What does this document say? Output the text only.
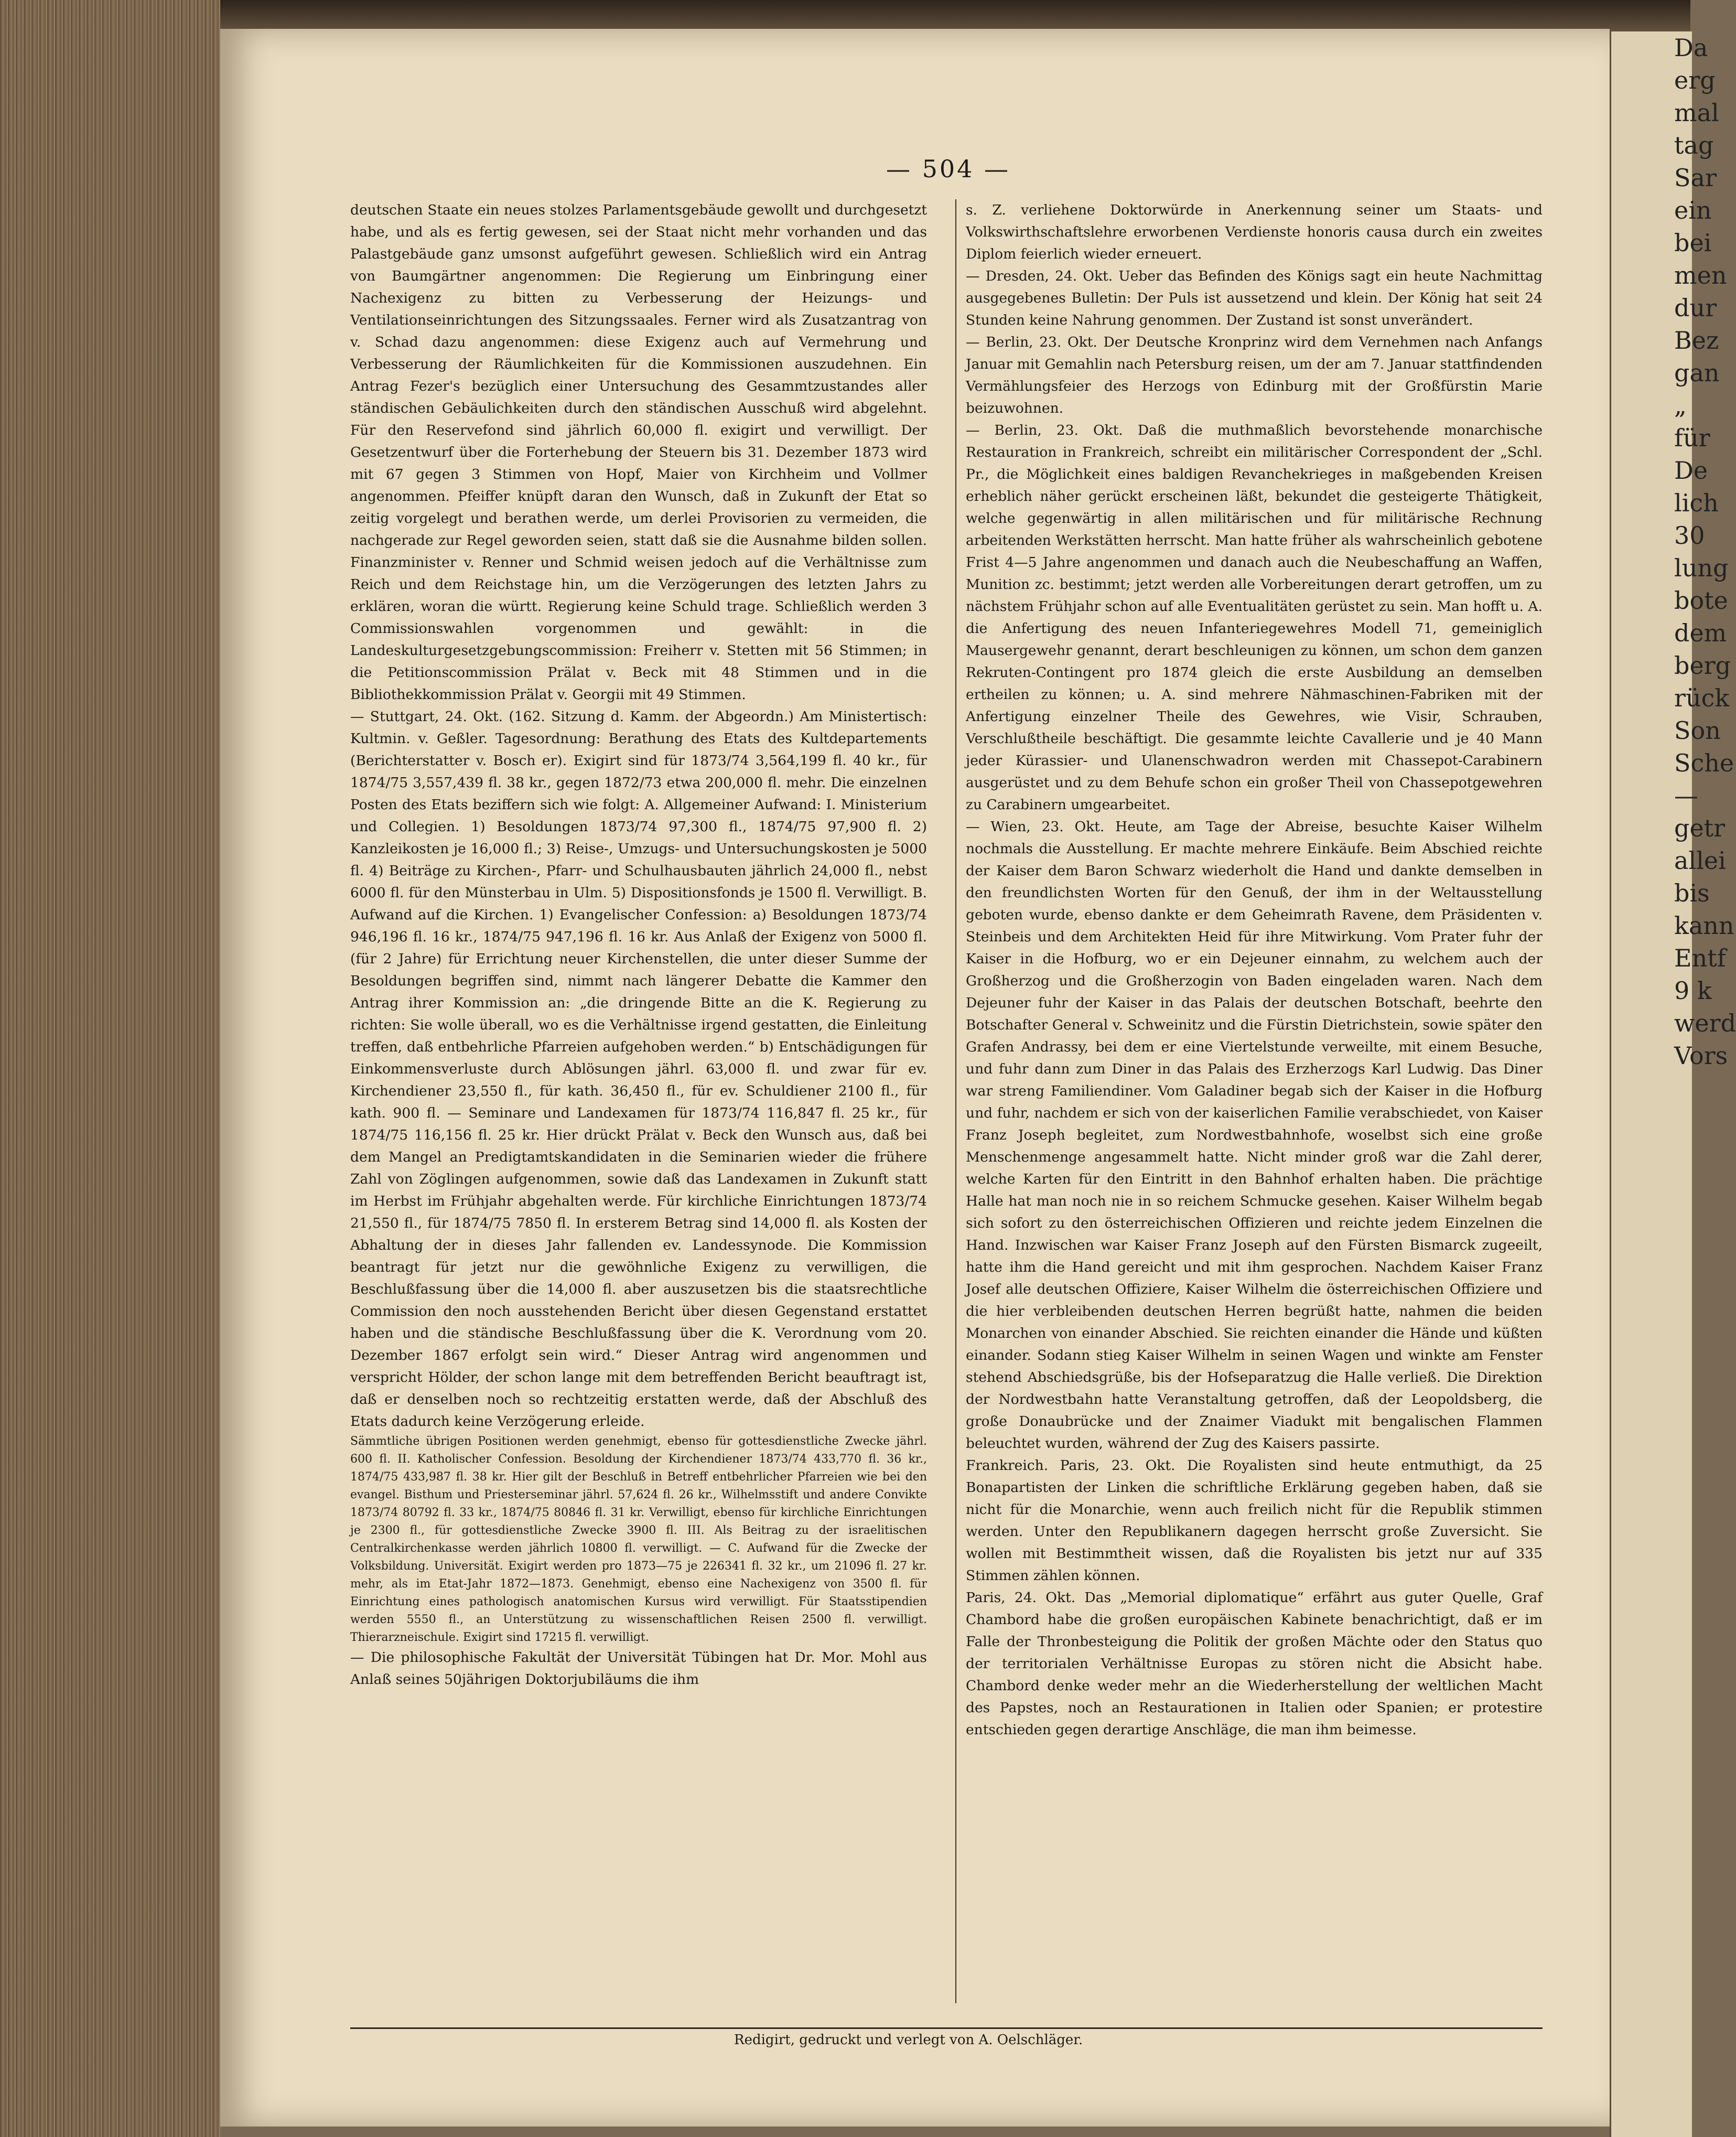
— 504 —

deutschen Staate ein neues stolzes Parlamentsgebäude gewollt und durchgesetzt habe, und als es fertig gewesen, sei der Staat nicht mehr vorhanden und das Palastgebäude ganz umsonst aufgeführt gewesen. Schließlich wird ein Antrag von Baumgärtner angenommen: Die Regierung um Einbringung einer Nachexigenz zu bitten zu Verbesserung der Heizungs- und Ventilationseinrichtungen des Sitzungssaales. Ferner wird als Zusatzantrag von v. Schad dazu angenommen: diese Exigenz auch auf Vermehrung und Verbesserung der Räumlichkeiten für die Kommissionen auszudehnen. Ein Antrag Fezer's bezüglich einer Untersuchung des Gesammtzustandes aller ständischen Gebäulichkeiten durch den ständischen Ausschuß wird abgelehnt. Für den Reservefond sind jährlich 60,000 fl. exigirt und verwilligt. Der Gesetzentwurf über die Forterhebung der Steuern bis 31. Dezember 1873 wird mit 67 gegen 3 Stimmen von Hopf, Maier von Kirchheim und Vollmer angenommen. Pfeiffer knüpft daran den Wunsch, daß in Zukunft der Etat so zeitig vorgelegt und berathen werde, um derlei Provisorien zu vermeiden, die nachgerade zur Regel geworden seien, statt daß sie die Ausnahme bilden sollen. Finanzminister v. Renner und Schmid weisen jedoch auf die Verhältnisse zum Reich und dem Reichstage hin, um die Verzögerungen des letzten Jahrs zu erklären, woran die württ. Regierung keine Schuld trage. Schließlich werden 3 Commissionswahlen vorgenommen und gewählt: in die Landeskulturgesetzgebungscommission: Freiherr v. Stetten mit 56 Stimmen; in die Petitionscommission Prälat v. Beck mit 48 Stimmen und in die Bibliothekkommission Prälat v. Georgii mit 49 Stimmen.

— Stuttgart, 24. Okt. (162. Sitzung d. Kamm. der Abgeordn.) Am Ministertisch: Kultmin. v. Geßler. Tagesordnung: Berathung des Etats des Kultdepartements (Berichterstatter v. Bosch er). Exigirt sind für 1873/74 3,564,199 fl. 40 kr., für 1874/75 3,557,439 fl. 38 kr., gegen 1872/73 etwa 200,000 fl. mehr. Die einzelnen Posten des Etats beziffern sich wie folgt: A. Allgemeiner Aufwand: I. Ministerium und Collegien. 1) Besoldungen 1873/74 97,300 fl., 1874/75 97,900 fl. 2) Kanzleikosten je 16,000 fl.; 3) Reise-, Umzugs- und Untersuchungskosten je 5000 fl. 4) Beiträge zu Kirchen-, Pfarr- und Schulhausbauten jährlich 24,000 fl., nebst 6000 fl. für den Münsterbau in Ulm. 5) Dispositionsfonds je 1500 fl. Verwilligt. B. Aufwand auf die Kirchen. 1) Evangelischer Confession: a) Besoldungen 1873/74 946,196 fl. 16 kr., 1874/75 947,196 fl. 16 kr. Aus Anlaß der Exigenz von 5000 fl. (für 2 Jahre) für Errichtung neuer Kirchenstellen, die unter dieser Summe der Besoldungen begriffen sind, nimmt nach längerer Debatte die Kammer den Antrag ihrer Kommission an: „die dringende Bitte an die K. Regierung zu richten: Sie wolle überall, wo es die Verhältnisse irgend gestatten, die Einleitung treffen, daß entbehrliche Pfarreien aufgehoben werden.“ b) Entschädigungen für Einkommensverluste durch Ablösungen jährl. 63,000 fl. und zwar für ev. Kirchendiener 23,550 fl., für kath. 36,450 fl., für ev. Schuldiener 2100 fl., für kath. 900 fl. — Seminare und Landexamen für 1873/74 116,847 fl. 25 kr., für 1874/75 116,156 fl. 25 kr. Hier drückt Prälat v. Beck den Wunsch aus, daß bei dem Mangel an Predigtamtskandidaten in die Seminarien wieder die frühere Zahl von Zöglingen aufgenommen, sowie daß das Landexamen in Zukunft statt im Herbst im Frühjahr abgehalten werde. Für kirchliche Einrichtungen 1873/74 21,550 fl., für 1874/75 7850 fl. In ersterem Betrag sind 14,000 fl. als Kosten der Abhaltung der in dieses Jahr fallenden ev. Landessynode. Die Kommission beantragt für jetzt nur die gewöhnliche Exigenz zu verwilligen, die Beschlußfassung über die 14,000 fl. aber auszusetzen bis die staatsrechtliche Commission den noch ausstehenden Bericht über diesen Gegenstand erstattet haben und die ständische Beschlußfassung über die K. Verordnung vom 20. Dezember 1867 erfolgt sein wird.“ Dieser Antrag wird angenommen und verspricht Hölder, der schon lange mit dem betreffenden Bericht beauftragt ist, daß er denselben noch so rechtzeitig erstatten werde, daß der Abschluß des Etats dadurch keine Verzögerung erleide.

Sämmtliche übrigen Positionen werden genehmigt, ebenso für gottesdienstliche Zwecke jährl. 600 fl. II. Katholischer Confession. Besoldung der Kirchendiener 1873/74 433,770 fl. 36 kr., 1874/75 433,987 fl. 38 kr. Hier gilt der Beschluß in Betreff entbehrlicher Pfarreien wie bei den evangel. Bisthum und Priesterseminar jährl. 57,624 fl. 26 kr., Wilhelmsstift und andere Convikte 1873/74 80792 fl. 33 kr., 1874/75 80846 fl. 31 kr. Verwilligt, ebenso für kirchliche Einrichtungen je 2300 fl., für gottesdienstliche Zwecke 3900 fl. III. Als Beitrag zu der israelitischen Centralkirchenkasse werden jährlich 10800 fl. verwilligt. — C. Aufwand für die Zwecke der Volksbildung. Universität. Exigirt werden pro 1873—75 je 226341 fl. 32 kr., um 21096 fl. 27 kr. mehr, als im Etat-Jahr 1872—1873. Genehmigt, ebenso eine Nachexigenz von 3500 fl. für Einrichtung eines pathologisch anatomischen Kursus wird verwilligt. Für Staatsstipendien werden 5550 fl., an Unterstützung zu wissenschaftlichen Reisen 2500 fl. verwilligt. Thierarzneischule. Exigirt sind 17215 fl. verwilligt.

— Die philosophische Fakultät der Universität Tübingen hat Dr. Mor. Mohl aus Anlaß seines 50jährigen Doktorjubiläums die ihm

s. Z. verliehene Doktorwürde in Anerkennung seiner um Staats- und Volkswirthschaftslehre erworbenen Verdienste honoris causa durch ein zweites Diplom feierlich wieder erneuert.

— Dresden, 24. Okt. Ueber das Befinden des Königs sagt ein heute Nachmittag ausgegebenes Bulletin: Der Puls ist aussetzend und klein. Der König hat seit 24 Stunden keine Nahrung genommen. Der Zustand ist sonst unverändert.

— Berlin, 23. Okt. Der Deutsche Kronprinz wird dem Vernehmen nach Anfangs Januar mit Gemahlin nach Petersburg reisen, um der am 7. Januar stattfindenden Vermählungsfeier des Herzogs von Edinburg mit der Großfürstin Marie beizuwohnen.

— Berlin, 23. Okt. Daß die muthmaßlich bevorstehende monarchische Restauration in Frankreich, schreibt ein militärischer Correspondent der „Schl. Pr., die Möglichkeit eines baldigen Revanchekrieges in maßgebenden Kreisen erheblich näher gerückt erscheinen läßt, bekundet die gesteigerte Thätigkeit, welche gegenwärtig in allen militärischen und für militärische Rechnung arbeitenden Werkstätten herrscht. Man hatte früher als wahrscheinlich gebotene Frist 4—5 Jahre angenommen und danach auch die Neubeschaffung an Waffen, Munition zc. bestimmt; jetzt werden alle Vorbereitungen derart getroffen, um zu nächstem Frühjahr schon auf alle Eventualitäten gerüstet zu sein. Man hofft u. A. die Anfertigung des neuen Infanteriegewehres Modell 71, gemeiniglich Mausergewehr genannt, derart beschleunigen zu können, um schon dem ganzen Rekruten-Contingent pro 1874 gleich die erste Ausbildung an demselben ertheilen zu können; u. A. sind mehrere Nähmaschinen-Fabriken mit der Anfertigung einzelner Theile des Gewehres, wie Visir, Schrauben, Verschlußtheile beschäftigt. Die gesammte leichte Cavallerie und je 40 Mann jeder Kürassier- und Ulanenschwadron werden mit Chassepot-Carabinern ausgerüstet und zu dem Behufe schon ein großer Theil von Chassepotgewehren zu Carabinern umgearbeitet.

— Wien, 23. Okt. Heute, am Tage der Abreise, besuchte Kaiser Wilhelm nochmals die Ausstellung. Er machte mehrere Einkäufe. Beim Abschied reichte der Kaiser dem Baron Schwarz wiederholt die Hand und dankte demselben in den freundlichsten Worten für den Genuß, der ihm in der Weltausstellung geboten wurde, ebenso dankte er dem Geheimrath Ravene, dem Präsidenten v. Steinbeis und dem Architekten Heid für ihre Mitwirkung. Vom Prater fuhr der Kaiser in die Hofburg, wo er ein Dejeuner einnahm, zu welchem auch der Großherzog und die Großherzogin von Baden eingeladen waren. Nach dem Dejeuner fuhr der Kaiser in das Palais der deutschen Botschaft, beehrte den Botschafter General v. Schweinitz und die Fürstin Dietrichstein, sowie später den Grafen Andrassy, bei dem er eine Viertelstunde verweilte, mit einem Besuche, und fuhr dann zum Diner in das Palais des Erzherzogs Karl Ludwig. Das Diner war streng Familiendiner. Vom Galadiner begab sich der Kaiser in die Hofburg und fuhr, nachdem er sich von der kaiserlichen Familie verabschiedet, von Kaiser Franz Joseph begleitet, zum Nordwestbahnhofe, woselbst sich eine große Menschenmenge angesammelt hatte. Nicht minder groß war die Zahl derer, welche Karten für den Eintritt in den Bahnhof erhalten haben. Die prächtige Halle hat man noch nie in so reichem Schmucke gesehen. Kaiser Wilhelm begab sich sofort zu den österreichischen Offizieren und reichte jedem Einzelnen die Hand. Inzwischen war Kaiser Franz Joseph auf den Fürsten Bismarck zugeeilt, hatte ihm die Hand gereicht und mit ihm gesprochen. Nachdem Kaiser Franz Josef alle deutschen Offiziere, Kaiser Wilhelm die österreichischen Offiziere und die hier verbleibenden deutschen Herren begrüßt hatte, nahmen die beiden Monarchen von einander Abschied. Sie reichten einander die Hände und küßten einander. Sodann stieg Kaiser Wilhelm in seinen Wagen und winkte am Fenster stehend Abschiedsgrüße, bis der Hofseparatzug die Halle verließ. Die Direktion der Nordwestbahn hatte Veranstaltung getroffen, daß der Leopoldsberg, die große Donaubrücke und der Znaimer Viadukt mit bengalischen Flammen beleuchtet wurden, während der Zug des Kaisers passirte.

Frankreich. Paris, 23. Okt. Die Royalisten sind heute entmuthigt, da 25 Bonapartisten der Linken die schriftliche Erklärung gegeben haben, daß sie nicht für die Monarchie, wenn auch freilich nicht für die Republik stimmen werden. Unter den Republikanern dagegen herrscht große Zuversicht. Sie wollen mit Bestimmtheit wissen, daß die Royalisten bis jetzt nur auf 335 Stimmen zählen können.

Paris, 24. Okt. Das „Memorial diplomatique“ erfährt aus guter Quelle, Graf Chambord habe die großen europäischen Kabinete benachrichtigt, daß er im Falle der Thronbesteigung die Politik der großen Mächte oder den Status quo der territorialen Verhältnisse Europas zu stören nicht die Absicht habe. Chambord denke weder mehr an die Wiederherstellung der weltlichen Macht des Papstes, noch an Restaurationen in Italien oder Spanien; er protestire entschieden gegen derartige Anschläge, die man ihm beimesse.

Redigirt, gedruckt und verlegt von A. Oelschläger.
Da
erg
mal
tag
Sar
ein
bei
men
dur
Bez
gan
„
für
De
lich
30
lung
bote
dem
berg
rück
Son
Sche
—
getr
allei
bis
kann
Entf
9 k
werd
Vors
